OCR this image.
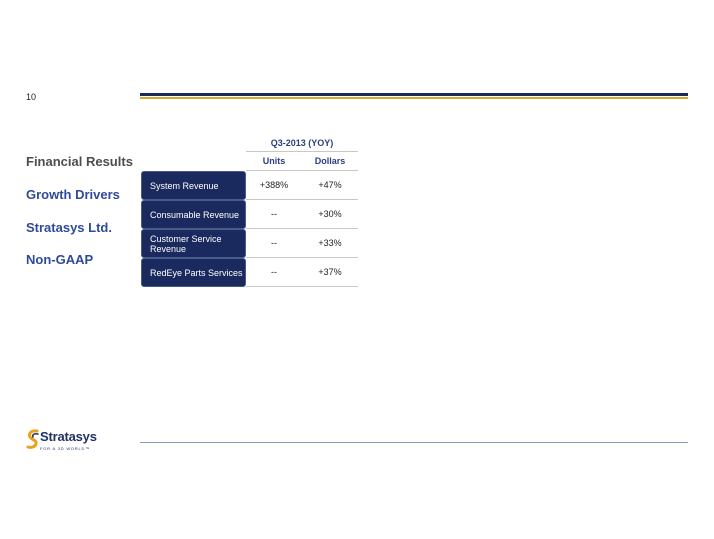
10
Financial Results
Growth Drivers
Stratasys Ltd.
Non-GAAP
	Q3-2013 (YOY)	
	Units	Dollars
System Revenue	+388%	+47%
Consumable Revenue	--	+30%
Customer Service Revenue	--	+33%
RedEye Parts Services	--	+37%
Stratasys
FOR A 3D WORLD™
